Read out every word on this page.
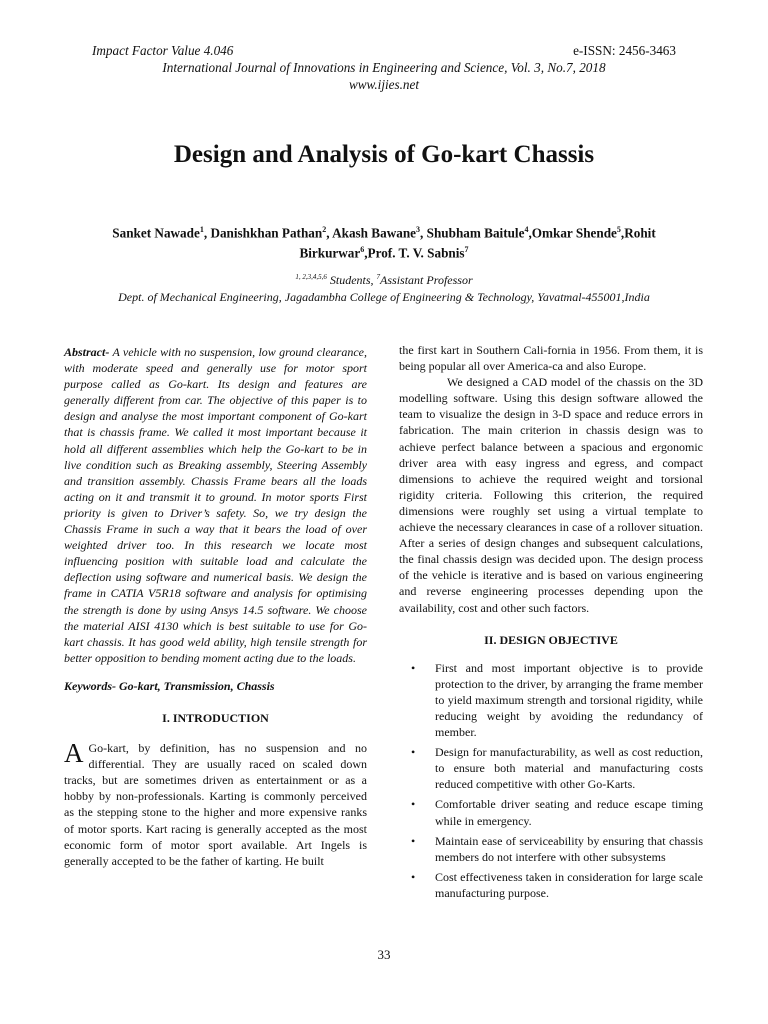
Impact Factor Value 4.046	e-ISSN: 2456-3463
International Journal of Innovations in Engineering and Science, Vol. 3, No.7, 2018
www.ijies.net
Design and Analysis of Go-kart Chassis
Sanket Nawade$^1$, Danishkhan Pathan$^2$, Akash Bawane$^3$, Shubham Baitule$^4$,Omkar Shende$^5$,Rohit Birkurwar$^6$,Prof. T. V. Sabnis$^7$
$^{1, 2,3,4,5,6}$ Students, $^7$Assistant Professor
Dept. of Mechanical Engineering, Jagadambha College of Engineering & Technology, Yavatmal-455001,India

Abstract- A vehicle with no suspension, low ground clearance, with moderate speed and generally use for motor sport purpose called as Go-kart. Its design and features are generally different from car. The objective of this paper is to design and analyse the most important component of Go-kart that is chassis frame. We called it most important because it hold all different assemblies which help the Go-kart to be in live condition such as Breaking assembly, Steering Assembly and transition assembly. Chassis Frame bears all the loads acting on it and transmit it to ground. In motor sports First priority is given to Driver’s safety. So, we try design the Chassis Frame in such a way that it bears the load of over weighted driver too. In this research we locate most influencing position with suitable load and calculate the deflection using software and numerical basis. We design the frame in CATIA V5R18 software and analysis for optimising the strength is done by using Ansys 14.5 software. We choose the material AISI 4130 which is best suitable to use for Go-kart chassis. It has good weld ability, high tensile strength for better opposition to bending moment acting due to the loads.

Keywords- Go-kart, Transmission, Chassis

I. INTRODUCTION

A Go-kart, by definition, has no suspension and no differential. They are usually raced on scaled down tracks, but are sometimes driven as entertainment or as a hobby by non-professionals. Karting is commonly perceived as the stepping stone to the higher and more expensive ranks of motor sports. Kart racing is generally accepted as the most economic form of motor sport available. Art Ingels is generally accepted to be the father of karting. He built

the first kart in Southern Cali-fornia in 1956. From them, it is being popular all over America-ca and also Europe.

We designed a CAD model of the chassis on the 3D modelling software. Using this design software allowed the team to visualize the design in 3-D space and reduce errors in fabrication. The main criterion in chassis design was to achieve perfect balance between a spacious and ergonomic driver area with easy ingress and egress, and compact dimensions to achieve the required weight and torsional rigidity criteria. Following this criterion, the required dimensions were roughly set using a virtual template to achieve the necessary clearances in case of a rollover situation. After a series of design changes and subsequent calculations, the final chassis design was decided upon. The design process of the vehicle is iterative and is based on various engineering and reverse engineering processes depending upon the availability, cost and other such factors.

II. DESIGN OBJECTIVE
• First and most important objective is to provide protection to the driver, by arranging the frame member to yield maximum strength and torsional rigidity, while reducing weight by avoiding the redundancy of member.
• Design for manufacturability, as well as cost reduction, to ensure both material and manufacturing costs reduced competitive with other Go-Karts.
• Comfortable driver seating and reduce escape timing while in emergency.
• Maintain ease of serviceability by ensuring that chassis members do not interfere with other subsystems
• Cost effectiveness taken in consideration for large scale manufacturing purpose.
33
